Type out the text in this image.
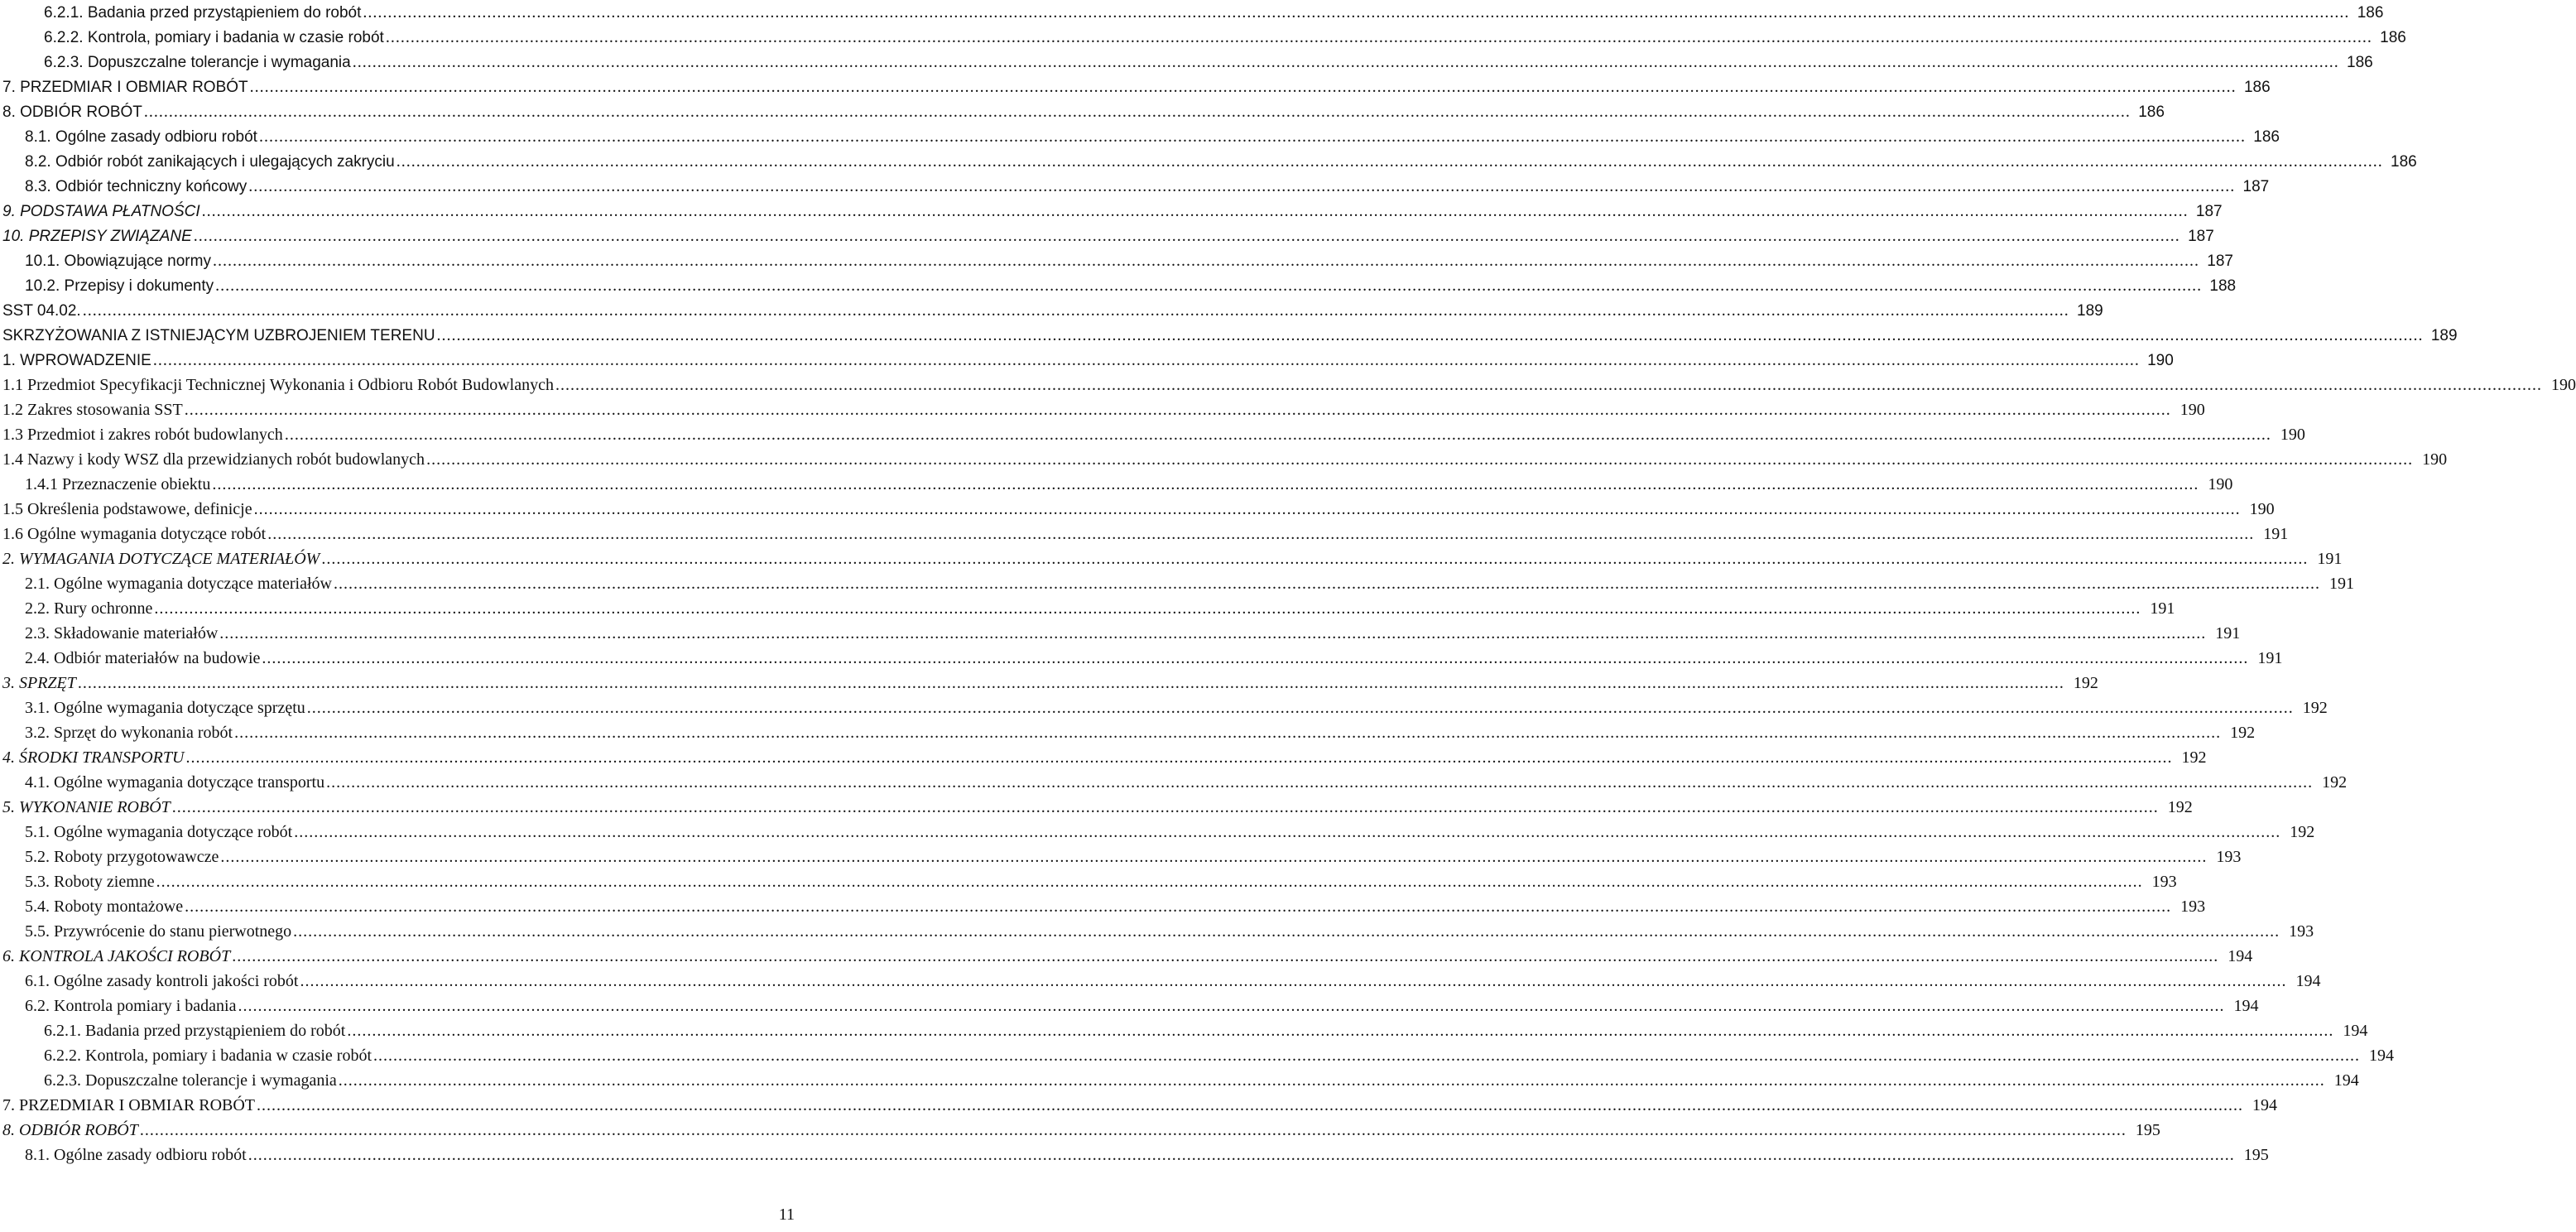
6.2.1. Badania przed przystąpieniem do robót ................................................................................................................................................................................................................................................................................................................................................................................................................ 186
6.2.2. Kontrola, pomiary i badania w czasie robót ................................................................................................................................................................................................................................................................................................................................................................................................................ 186
6.2.3. Dopuszczalne tolerancje i wymagania ................................................................................................................................................................................................................................................................................................................................................................................................................ 186
7. PRZEDMIAR I OBMIAR ROBÓT ................................................................................................................................................................................................................................................................................................................................................................................................................ 186
8. ODBIÓR ROBÓT ................................................................................................................................................................................................................................................................................................................................................................................................................ 186
8.1. Ogólne zasady odbioru robót ................................................................................................................................................................................................................................................................................................................................................................................................................ 186
8.2. Odbiór robót zanikających i ulegających zakryciu ................................................................................................................................................................................................................................................................................................................................................................................................................ 186
8.3. Odbiór techniczny końcowy ................................................................................................................................................................................................................................................................................................................................................................................................................ 187
9. PODSTAWA PŁATNOŚCI ................................................................................................................................................................................................................................................................................................................................................................................................................ 187
10. PRZEPISY ZWIĄZANE ................................................................................................................................................................................................................................................................................................................................................................................................................ 187
10.1. Obowiązujące normy ................................................................................................................................................................................................................................................................................................................................................................................................................ 187
10.2. Przepisy i dokumenty ................................................................................................................................................................................................................................................................................................................................................................................................................ 188
SST 04.02. ................................................................................................................................................................................................................................................................................................................................................................................................................ 189
SKRZYŻOWANIA Z ISTNIEJĄCYM UZBROJENIEM TERENU ................................................................................................................................................................................................................................................................................................................................................................................................................ 189
1. WPROWADZENIE ................................................................................................................................................................................................................................................................................................................................................................................................................ 190
1.1 Przedmiot Specyfikacji Technicznej Wykonania i Odbioru Robót Budowlanych ................................................................................................................................................................................................................................................................................................................................................................................................................ 190
1.2 Zakres stosowania SST ................................................................................................................................................................................................................................................................................................................................................................................................................ 190
1.3 Przedmiot i zakres robót budowlanych ................................................................................................................................................................................................................................................................................................................................................................................................................ 190
1.4 Nazwy i kody WSZ dla przewidzianych robót budowlanych ................................................................................................................................................................................................................................................................................................................................................................................................................ 190
1.4.1 Przeznaczenie obiektu ................................................................................................................................................................................................................................................................................................................................................................................................................ 190
1.5 Określenia podstawowe, definicje ................................................................................................................................................................................................................................................................................................................................................................................................................ 190
1.6 Ogólne wymagania dotyczące robót ................................................................................................................................................................................................................................................................................................................................................................................................................ 191
2. WYMAGANIA DOTYCZĄCE MATERIAŁÓW ................................................................................................................................................................................................................................................................................................................................................................................................................ 191
2.1. Ogólne wymagania dotyczące materiałów ................................................................................................................................................................................................................................................................................................................................................................................................................ 191
2.2. Rury ochronne ................................................................................................................................................................................................................................................................................................................................................................................................................ 191
2.3. Składowanie materiałów ................................................................................................................................................................................................................................................................................................................................................................................................................ 191
2.4. Odbiór materiałów na budowie ................................................................................................................................................................................................................................................................................................................................................................................................................ 191
3. SPRZĘT ................................................................................................................................................................................................................................................................................................................................................................................................................ 192
3.1. Ogólne wymagania dotyczące sprzętu ................................................................................................................................................................................................................................................................................................................................................................................................................ 192
3.2. Sprzęt do wykonania robót ................................................................................................................................................................................................................................................................................................................................................................................................................ 192
4. ŚRODKI TRANSPORTU ................................................................................................................................................................................................................................................................................................................................................................................................................ 192
4.1. Ogólne wymagania dotyczące transportu ................................................................................................................................................................................................................................................................................................................................................................................................................ 192
5. WYKONANIE ROBÓT ................................................................................................................................................................................................................................................................................................................................................................................................................ 192
5.1. Ogólne wymagania dotyczące robót ................................................................................................................................................................................................................................................................................................................................................................................................................ 192
5.2. Roboty przygotowawcze ................................................................................................................................................................................................................................................................................................................................................................................................................ 193
5.3. Roboty ziemne ................................................................................................................................................................................................................................................................................................................................................................................................................ 193
5.4. Roboty montażowe ................................................................................................................................................................................................................................................................................................................................................................................................................ 193
5.5. Przywrócenie do stanu pierwotnego ................................................................................................................................................................................................................................................................................................................................................................................................................ 193
6. KONTROLA JAKOŚCI ROBÓT ................................................................................................................................................................................................................................................................................................................................................................................................................ 194
6.1. Ogólne zasady kontroli jakości robót ................................................................................................................................................................................................................................................................................................................................................................................................................ 194
6.2. Kontrola pomiary i badania ................................................................................................................................................................................................................................................................................................................................................................................................................ 194
6.2.1. Badania przed przystąpieniem do robót ................................................................................................................................................................................................................................................................................................................................................................................................................ 194
6.2.2. Kontrola, pomiary i badania w czasie robót ................................................................................................................................................................................................................................................................................................................................................................................................................ 194
6.2.3. Dopuszczalne tolerancje i wymagania ................................................................................................................................................................................................................................................................................................................................................................................................................ 194
7. PRZEDMIAR I OBMIAR ROBÓT ................................................................................................................................................................................................................................................................................................................................................................................................................ 194
8. ODBIÓR ROBÓT ................................................................................................................................................................................................................................................................................................................................................................................................................ 195
8.1. Ogólne zasady odbioru robót ................................................................................................................................................................................................................................................................................................................................................................................................................ 195
11
